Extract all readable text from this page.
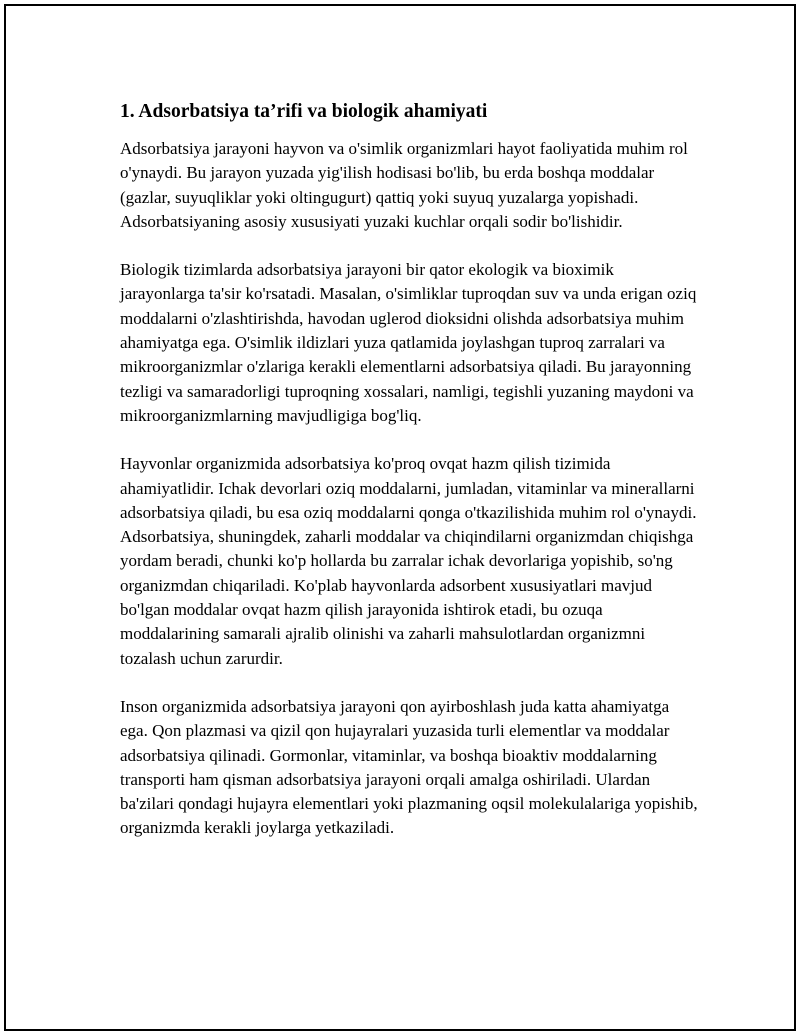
1. Adsorbatsiya ta’rifi va biologik ahamiyati

Adsorbatsiya jarayoni hayvon va o'simlik organizmlari hayot faoliyatida muhim rol o'ynaydi. Bu jarayon yuzada yig'ilish hodisasi bo'lib, bu erda boshqa moddalar (gazlar, suyuqliklar yoki oltingugurt) qattiq yoki suyuq yuzalarga yopishadi. Adsorbatsiyaning asosiy xususiyati yuzaki kuchlar orqali sodir bo'lishidir.

Biologik tizimlarda adsorbatsiya jarayoni bir qator ekologik va bioximik jarayonlarga ta'sir ko'rsatadi. Masalan, o'simliklar tuproqdan suv va unda erigan oziq moddalarni o'zlashtirishda, havodan uglerod dioksidni olishda adsorbatsiya muhim ahamiyatga ega. O'simlik ildizlari yuza qatlamida joylashgan tuproq zarralari va mikroorganizmlar o'zlariga kerakli elementlarni adsorbatsiya qiladi. Bu jarayonning tezligi va samaradorligi tuproqning xossalari, namligi, tegishli yuzaning maydoni va mikroorganizmlarning mavjudligiga bog'liq.

Hayvonlar organizmida adsorbatsiya ko'proq ovqat hazm qilish tizimida ahamiyatlidir. Ichak devorlari oziq moddalarni, jumladan, vitaminlar va minerallarni adsorbatsiya qiladi, bu esa oziq moddalarni qonga o'tkazilishida muhim rol o'ynaydi. Adsorbatsiya, shuningdek, zaharli moddalar va chiqindilarni organizmdan chiqishga yordam beradi, chunki ko'p hollarda bu zarralar ichak devorlariga yopishib, so'ng organizmdan chiqariladi. Ko'plab hayvonlarda adsorbent xususiyatlari mavjud bo'lgan moddalar ovqat hazm qilish jarayonida ishtirok etadi, bu ozuqa moddalarining samarali ajralib olinishi va zaharli mahsulotlardan organizmni tozalash uchun zarurdir.

Inson organizmida adsorbatsiya jarayoni qon ayirboshlash juda katta ahamiyatga ega. Qon plazmasi va qizil qon hujayralari yuzasida turli elementlar va moddalar adsorbatsiya qilinadi. Gormonlar, vitaminlar, va boshqa bioaktiv moddalarning transporti ham qisman adsorbatsiya jarayoni orqali amalga oshiriladi. Ulardan ba'zilari qondagi hujayra elementlari yoki plazmaning oqsil molekulalariga yopishib, organizmda kerakli joylarga yetkaziladi.
